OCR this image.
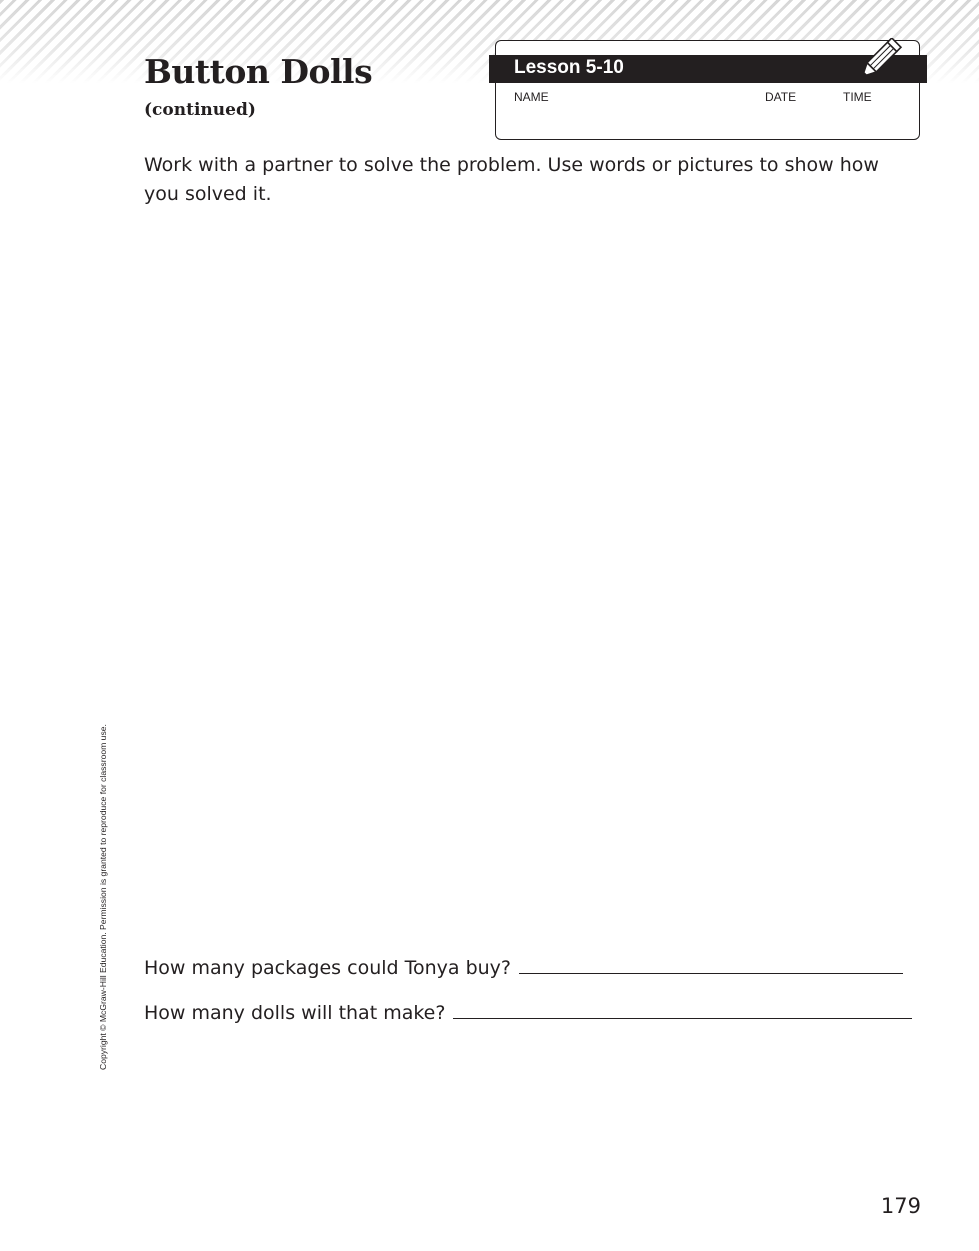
Button Dolls
(continued)
Lesson 5-10
NAME	DATE	TIME

Work with a partner to solve the problem. Use words or pictures to show how you solved it.

How many packages could Tonya buy?
How many dolls will that make?
Copyright © McGraw-Hill Education. Permission is granted to reproduce for classroom use.
179
